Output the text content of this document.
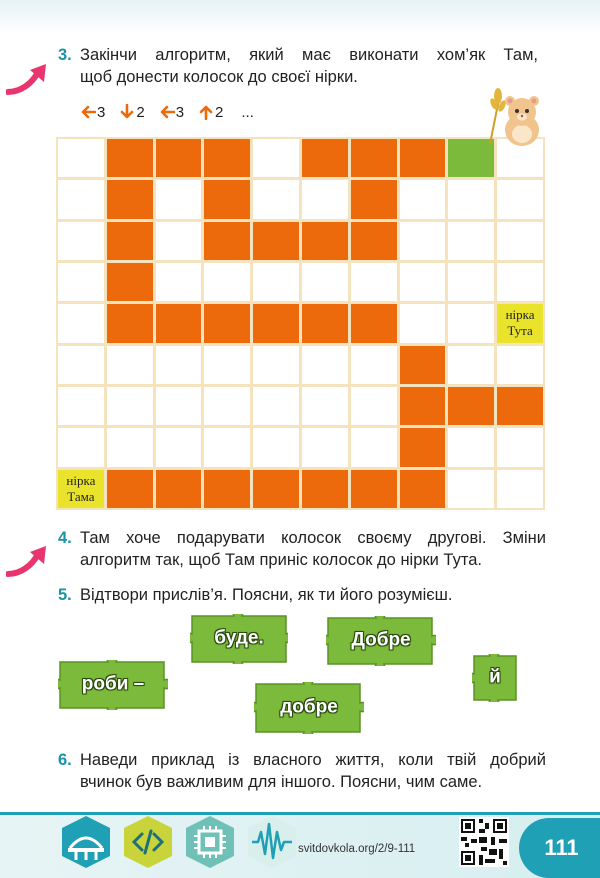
3. Закінчи алгоритм, який має виконати хом’як Там,
щоб донести колосок до своєї нірки.
3 2 3 2 ...
нірка
Тута
нірка
Тама
4. Там хоче подарувати колосок своєму другові. Зміни
алгоритм так, щоб Там приніс колосок до нірки Тута.
5. Відтвори прислів’я. Поясни, як ти його розумієш.
буде.	Добре
роби –	й
добре
6. Наведи приклад із власного життя, коли твій добрий
вчинок був важливим для іншого. Поясни, чим саме.
svitdovkola.org/2/9-111	111
